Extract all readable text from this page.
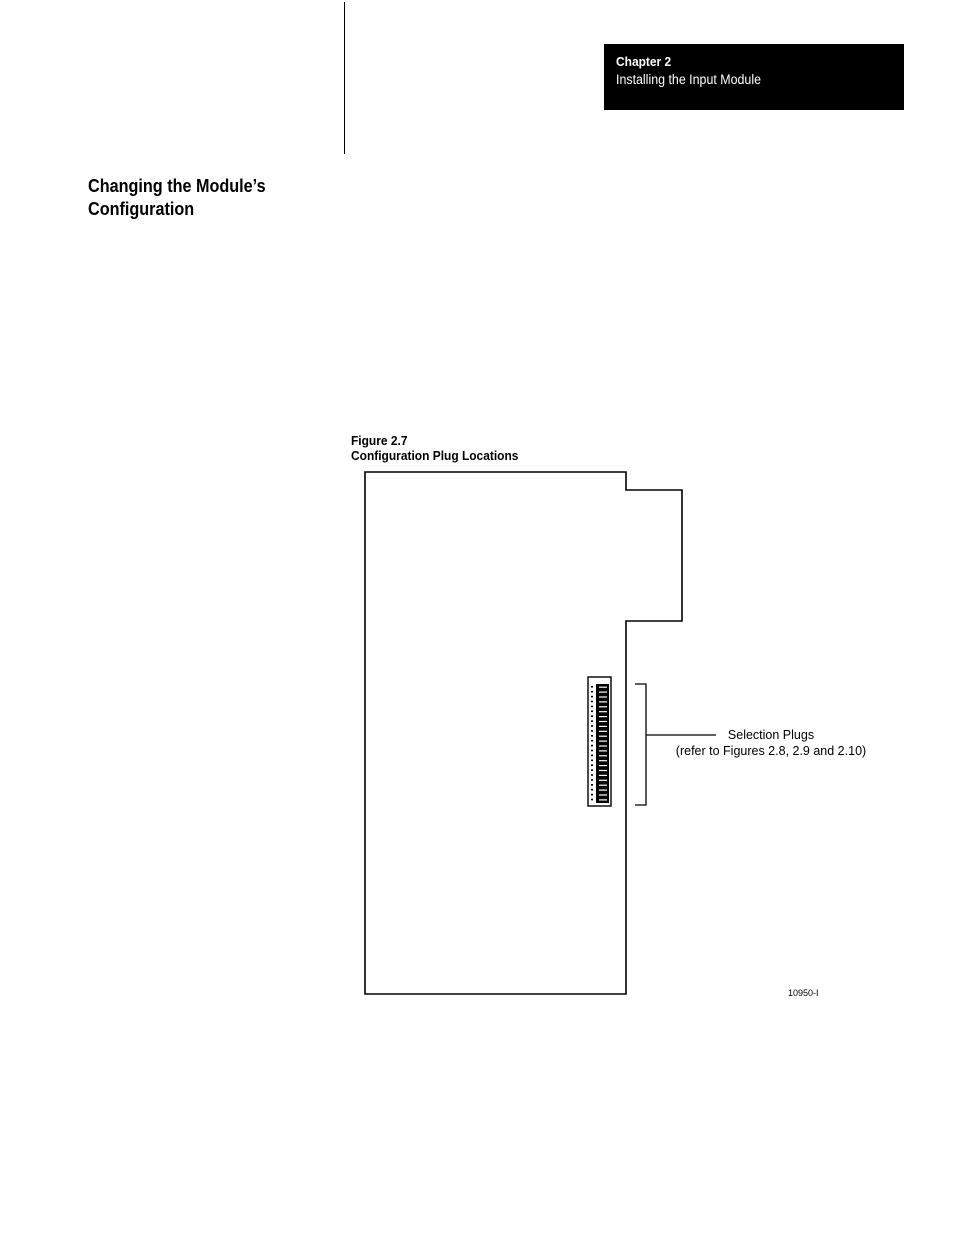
Chapter 2
Installing the Input Module
Changing the Module’s
Configuration
Figure 2.7
Configuration Plug Locations
Selection Plugs
(refer to Figures 2.8, 2.9 and 2.10)
10950-I
